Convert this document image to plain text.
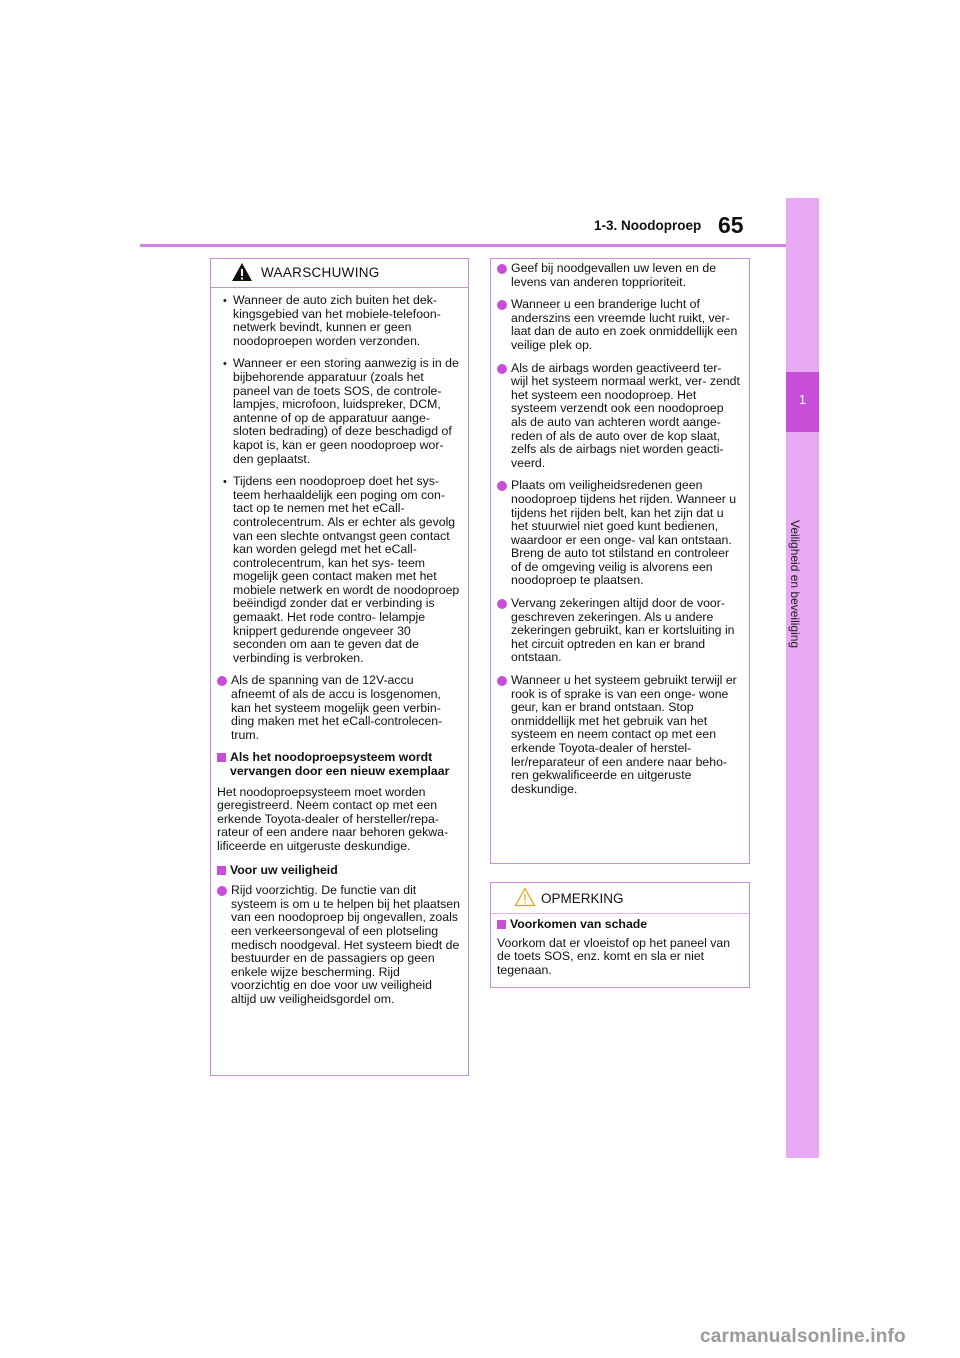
1
Veiligheid en beveiliging
1-3. Noodoproep 65
WAARSCHUWING
• Wanneer de auto zich buiten het dek- kingsgebied van het mobiele-telefoon- netwerk bevindt, kunnen er geen noodoproepen worden verzonden.
• Wanneer er een storing aanwezig is in de bijbehorende apparatuur (zoals het paneel van de toets SOS, de controle- lampjes, microfoon, luidspreker, DCM, antenne of op de apparatuur aange- sloten bedrading) of deze beschadigd of kapot is, kan er geen noodoproep wor- den geplaatst.
• Tijdens een noodoproep doet het sys- teem herhaaldelijk een poging om con- tact op te nemen met het eCall-controlecentrum. Als er echter als gevolg van een slechte ontvangst geen contact kan worden gelegd met het eCall-controlecentrum, kan het sys- teem mogelijk geen contact maken met het mobiele netwerk en wordt de noodoproep beëindigd zonder dat er verbinding is gemaakt. Het rode contro- lelampje knippert gedurende ongeveer 30 seconden om aan te geven dat de verbinding is verbroken.
Als de spanning van de 12V-accu afneemt of als de accu is losgenomen, kan het systeem mogelijk geen verbin- ding maken met het eCall-controlecen- trum.
Als het noodoproepsysteem wordt vervangen door een nieuw exemplaar
Het noodoproepsysteem moet worden geregistreerd. Neem contact op met een erkende Toyota-dealer of hersteller/repa- rateur of een andere naar behoren gekwa- lificeerde en uitgeruste deskundige.
Voor uw veiligheid
Rijd voorzichtig. De functie van dit systeem is om u te helpen bij het plaatsen van een noodoproep bij ongevallen, zoals een verkeersongeval of een plotseling medisch noodgeval. Het systeem biedt de bestuurder en de passagiers op geen enkele wijze bescherming. Rijd voorzichtig en doe voor uw veiligheid altijd uw veiligheidsgordel om.
Geef bij noodgevallen uw leven en de levens van anderen topprioriteit.
Wanneer u een branderige lucht of anderszins een vreemde lucht ruikt, ver- laat dan de auto en zoek onmiddellijk een veilige plek op.
Als de airbags worden geactiveerd ter- wijl het systeem normaal werkt, ver- zendt het systeem een noodoproep. Het systeem verzendt ook een noodoproep als de auto van achteren wordt aange- reden of als de auto over de kop slaat, zelfs als de airbags niet worden geacti- veerd.
Plaats om veiligheidsredenen geen noodoproep tijdens het rijden. Wanneer u tijdens het rijden belt, kan het zijn dat u het stuurwiel niet goed kunt bedienen, waardoor er een onge- val kan ontstaan. Breng de auto tot stilstand en controleer of de omgeving veilig is alvorens een noodoproep te plaatsen.
Vervang zekeringen altijd door de voor- geschreven zekeringen. Als u andere zekeringen gebruikt, kan er kortsluiting in het circuit optreden en kan er brand ontstaan.
Wanneer u het systeem gebruikt terwijl er rook is of sprake is van een onge- wone geur, kan er brand ontstaan. Stop onmiddellijk met het gebruik van het systeem en neem contact op met een erkende Toyota-dealer of herstel- ler/reparateur of een andere naar beho- ren gekwalificeerde en uitgeruste deskundige.
OPMERKING
Voorkomen van schade
Voorkom dat er vloeistof op het paneel van de toets SOS, enz. komt en sla er niet tegenaan.
carmanualsonline.info
